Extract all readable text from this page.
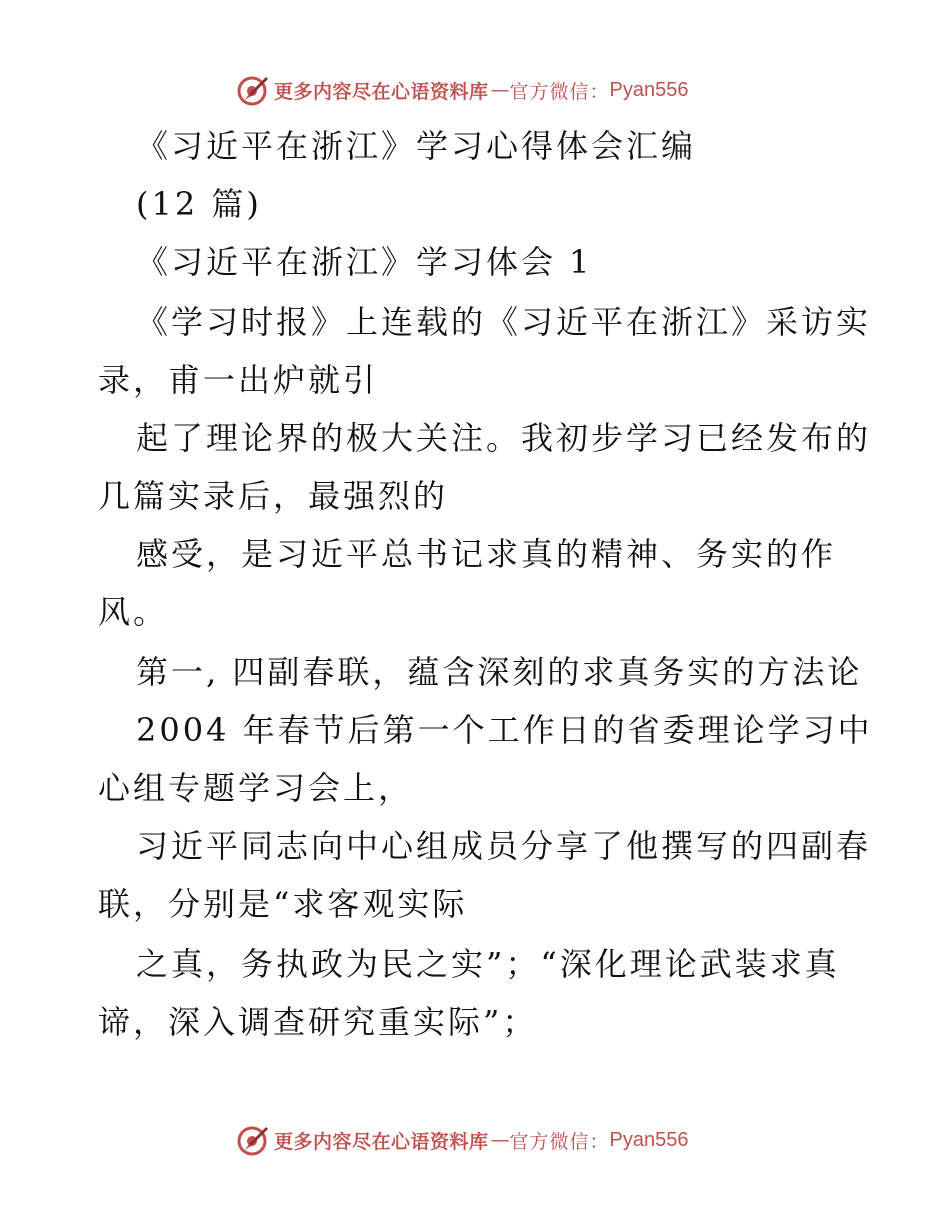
更多内容尽在心语资料库 — 官方微信： Pyan556
《习近平在浙江》学习心得体会汇编
(12 篇)
《习近平在浙江》学习体会 1
《学习时报》上连载的《习近平在浙江》采访实
录，甫一出炉就引
起了理论界的极大关注。我初步学习已经发布的
几篇实录后，最强烈的
感受，是习近平总书记求真的精神、务实的作
风。
第一, 四副春联，蕴含深刻的求真务实的方法论
2004 年春节后第一个工作日的省委理论学习中
心组专题学习会上，
习近平同志向中心组成员分享了他撰写的四副春
联，分别是“求客观实际
之真，务执政为民之实”；“深化理论武装求真
谛，深入调查研究重实际”；
更多内容尽在心语资料库 — 官方微信： Pyan556
